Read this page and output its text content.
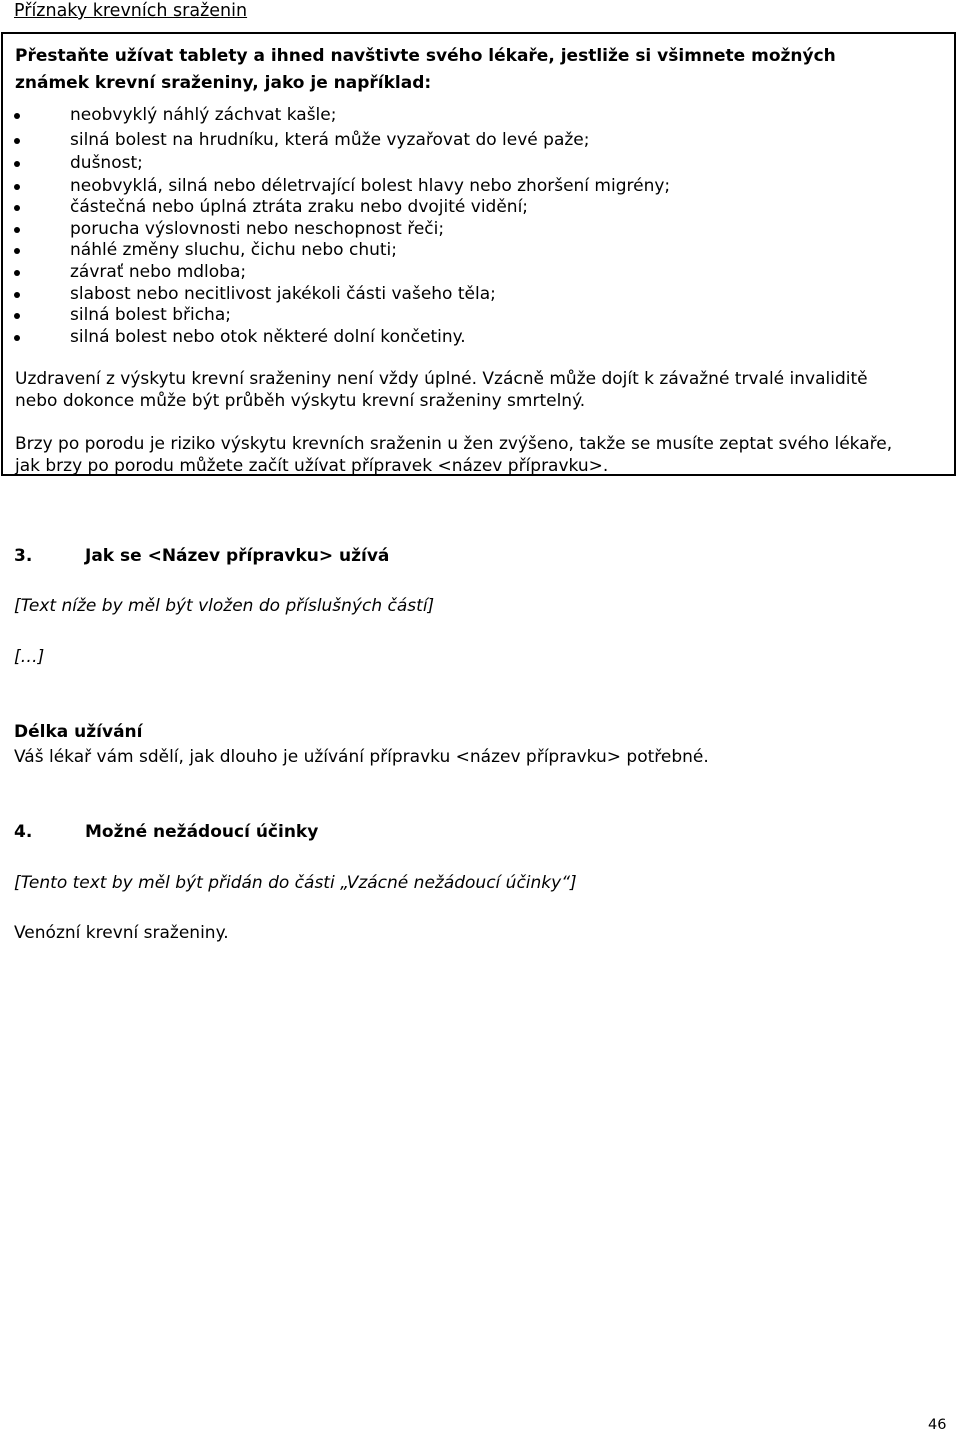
Příznaky krevních sraženin
Přestaňte užívat tablety a ihned navštivte svého lékaře, jestliže si všimnete možných
známek krevní sraženiny, jako je například:
neobvyklý náhlý záchvat kašle;
silná bolest na hrudníku, která může vyzařovat do levé paže;
dušnost;
neobvyklá, silná nebo déletrvající bolest hlavy nebo zhoršení migrény;
částečná nebo úplná ztráta zraku nebo dvojité vidění;
porucha výslovnosti nebo neschopnost řeči;
náhlé změny sluchu, čichu nebo chuti;
závrať nebo mdloba;
slabost nebo necitlivost jakékoli části vašeho těla;
silná bolest břicha;
silná bolest nebo otok některé dolní končetiny.
Uzdravení z výskytu krevní sraženiny není vždy úplné. Vzácně může dojít k závažné trvalé invaliditě
nebo dokonce může být průběh výskytu krevní sraženiny smrtelný.
Brzy po porodu je riziko výskytu krevních sraženin u žen zvýšeno, takže se musíte zeptat svého lékaře,
jak brzy po porodu můžete začít užívat přípravek <název přípravku>.
3.	Jak se <Název přípravku> užívá
[Text níže by měl být vložen do příslušných částí]
[…]
Délka užívání
Váš lékař vám sdělí, jak dlouho je užívání přípravku <název přípravku> potřebné.
4.	Možné nežádoucí účinky
[Tento text by měl být přidán do části „Vzácné nežádoucí účinky“]
Venózní krevní sraženiny.
46
